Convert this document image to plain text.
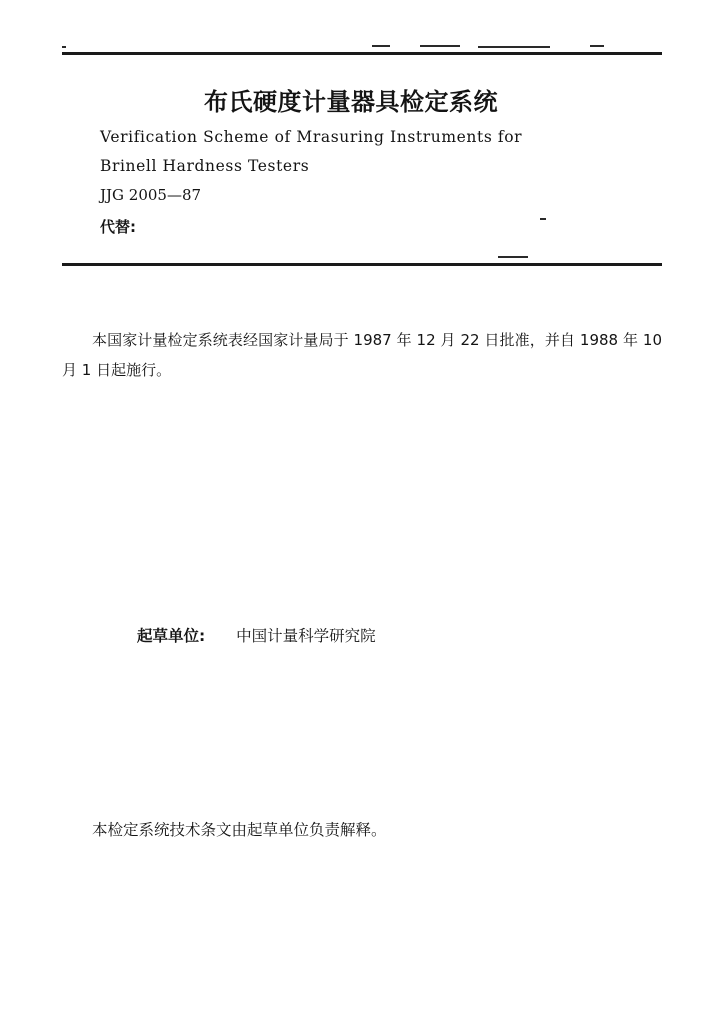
布氏硬度计量器具检定系统
Verification Scheme of Mrasuring Instruments for
Brinell Hardness Testers
JJG 2005—87
代替:
本国家计量检定系统表经国家计量局于 1987 年 12 月 22 日批准，并自 1988 年 10 月 1 日起施行。
起草单位: 中国计量科学研究院
本检定系统技术条文由起草单位负责解释。
